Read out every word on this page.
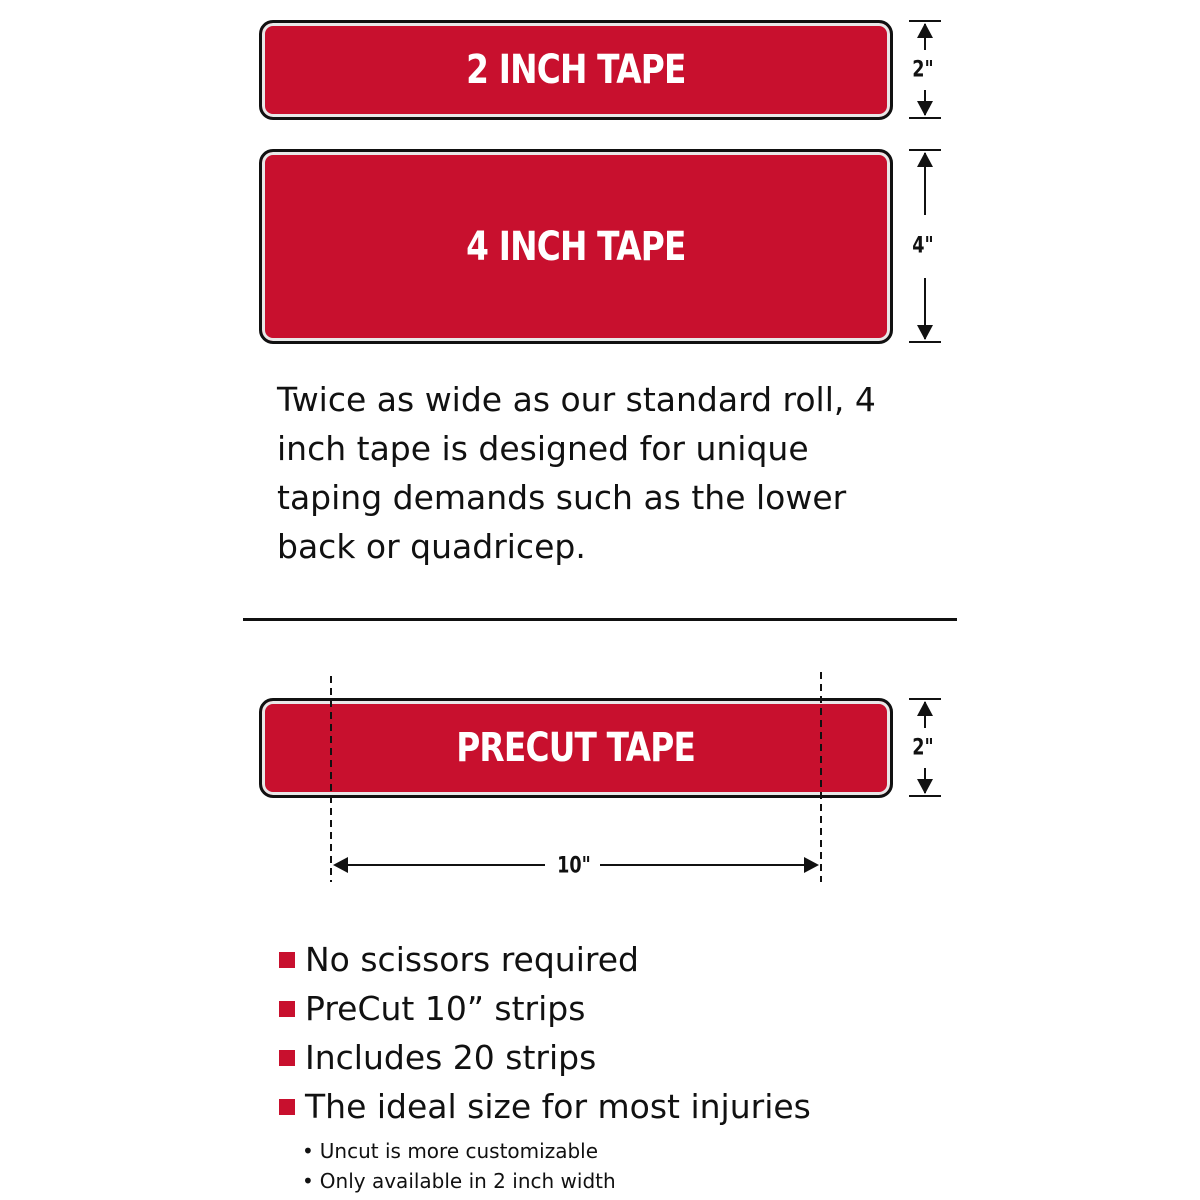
2 INCH TAPE
4 INCH TAPE
PRECUT TAPE
2"
4"
2"
10"

Twice as wide as our standard roll, 4 inch tape is designed for unique taping demands such as the lower back or quadricep.

No scissors required
PreCut 10” strips
Includes 20 strips
The ideal size for most injuries
• Uncut is more customizable
• Only available in 2 inch width
